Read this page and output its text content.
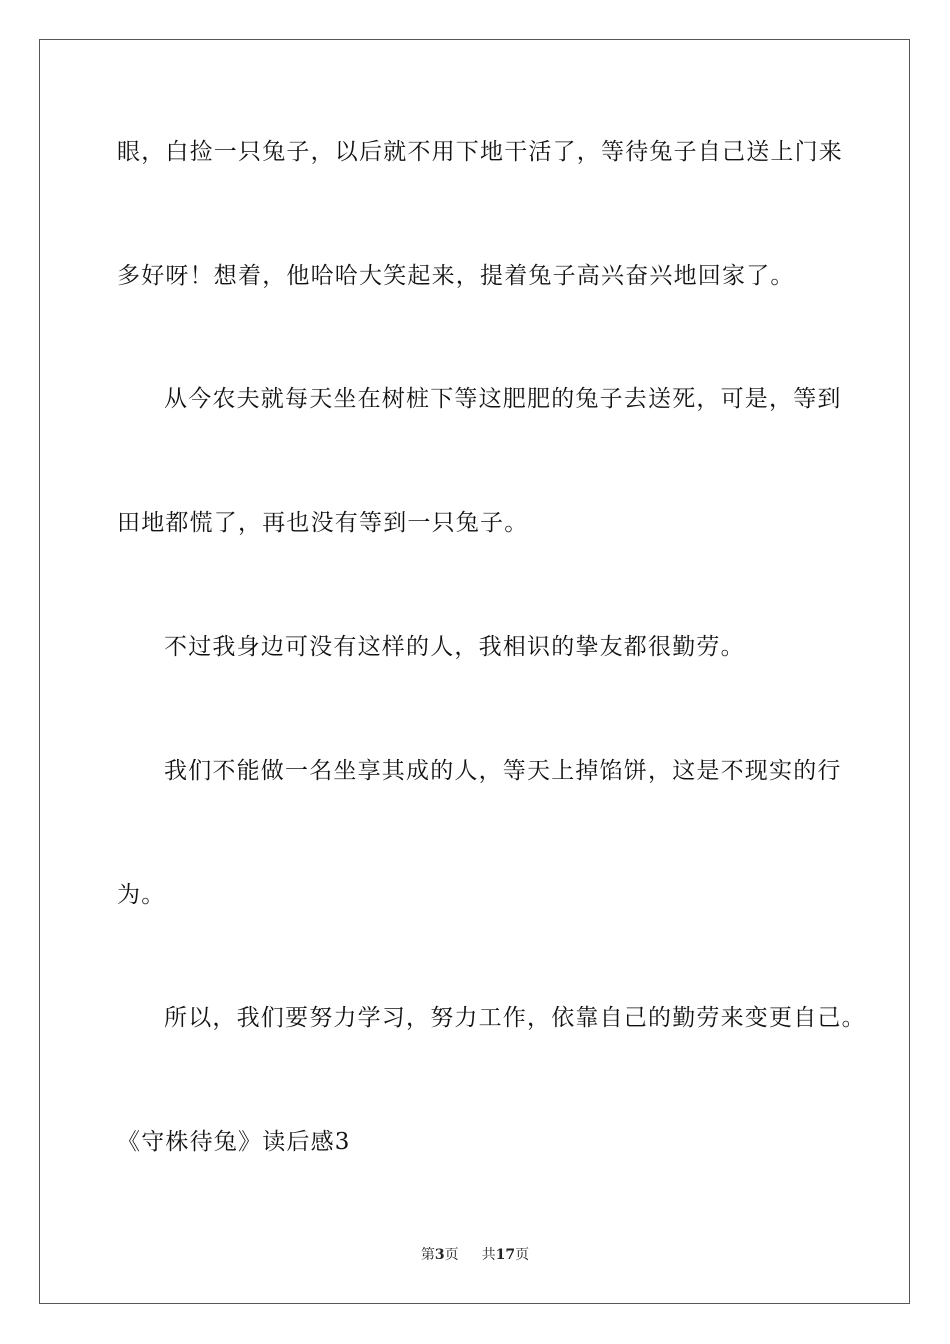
眼，白捡一只兔子，以后就不用下地干活了，等待兔子自己送上门来
多好呀！想着，他哈哈大笑起来，提着兔子高兴奋兴地回家了。
从今农夫就每天坐在树桩下等这肥肥的兔子去送死，可是，等到
田地都慌了，再也没有等到一只兔子。
不过我身边可没有这样的人，我相识的挚友都很勤劳。
我们不能做一名坐享其成的人，等天上掉馅饼，这是不现实的行
为。
所以，我们要努力学习，努力工作，依靠自己的勤劳来变更自己。
《守株待兔》读后感3
第3页 共17页
